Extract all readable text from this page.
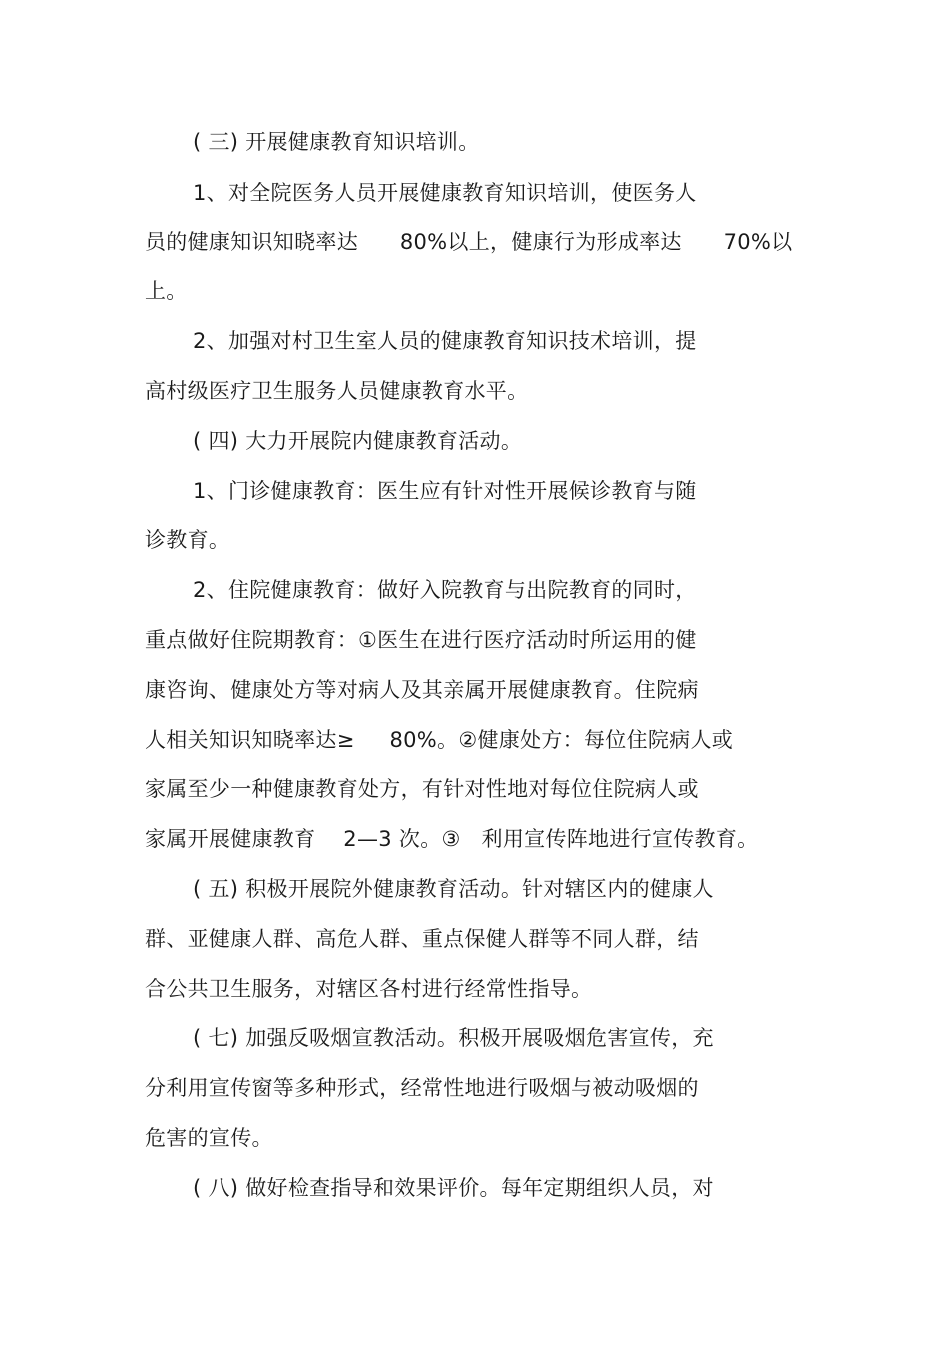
( 三) 开展健康教育知识培训。
1、对全院医务人员开展健康教育知识培训，使医务人
员的健康知识知晓率达      80%以上，健康行为形成率达      70%以
上。
2、加强对村卫生室人员的健康教育知识技术培训，提
高村级医疗卫生服务人员健康教育水平。
( 四) 大力开展院内健康教育活动。
1、门诊健康教育：医生应有针对性开展候诊教育与随
诊教育。
2、住院健康教育：做好入院教育与出院教育的同时，
重点做好住院期教育：①医生在进行医疗活动时所运用的健
康咨询、健康处方等对病人及其亲属开展健康教育。住院病
人相关知识知晓率达≥     80%。②健康处方：每位住院病人或
家属至少一种健康教育处方，有针对性地对每位住院病人或
家属开展健康教育    2—3 次。③   利用宣传阵地进行宣传教育。
( 五) 积极开展院外健康教育活动。针对辖区内的健康人
群、亚健康人群、高危人群、重点保健人群等不同人群，结
合公共卫生服务，对辖区各村进行经常性指导。
( 七) 加强反吸烟宣教活动。积极开展吸烟危害宣传，充
分利用宣传窗等多种形式，经常性地进行吸烟与被动吸烟的
危害的宣传。
( 八) 做好检查指导和效果评价。每年定期组织人员，对
